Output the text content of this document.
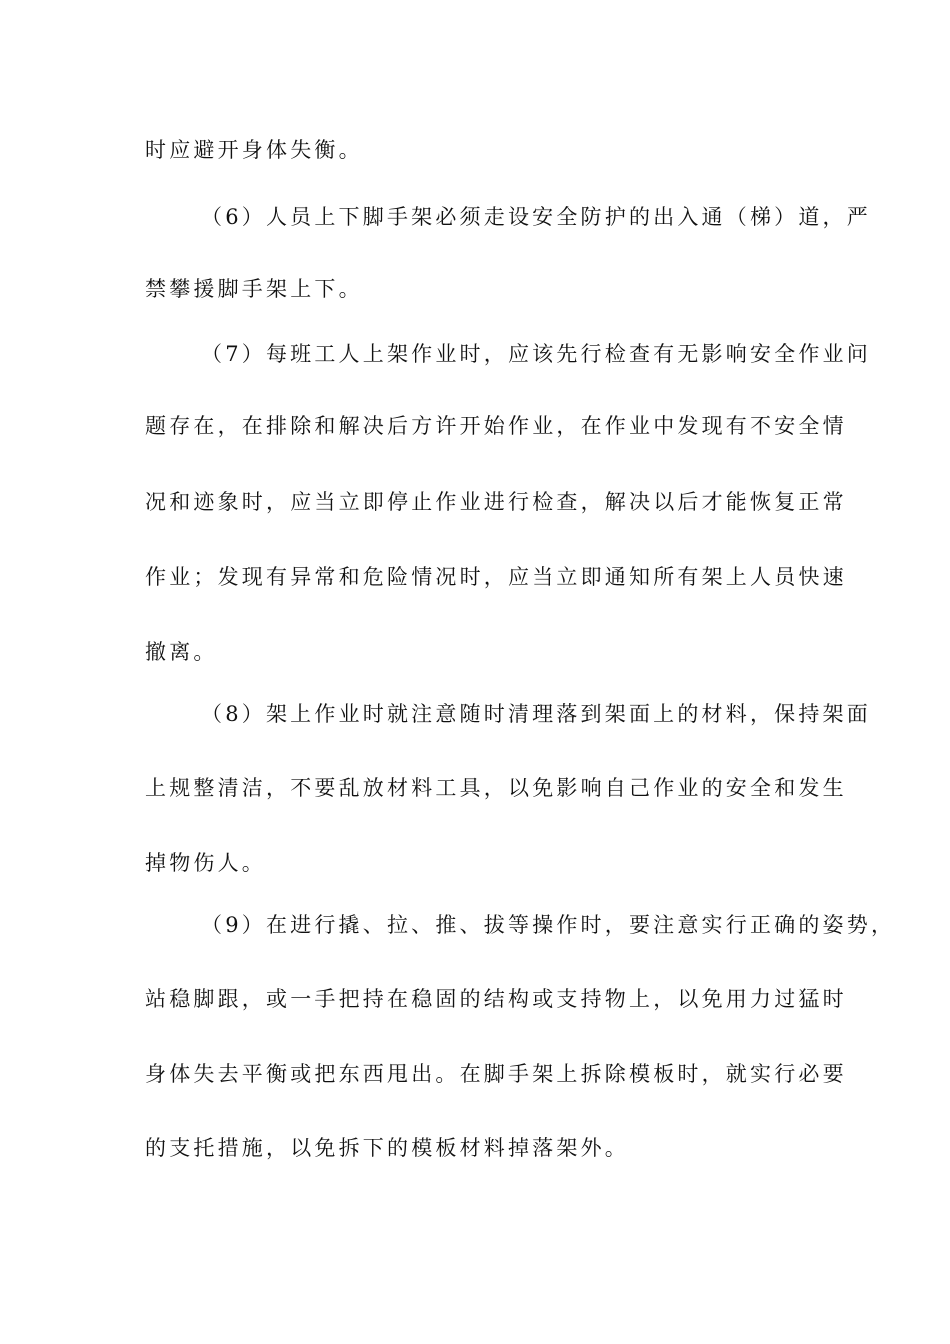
时应避开身体失衡。
（6）人员上下脚手架必须走设安全防护的出入通（梯）道，严
禁攀援脚手架上下。
（7）每班工人上架作业时，应该先行检查有无影响安全作业问
题存在，在排除和解决后方许开始作业，在作业中发现有不安全情
况和迹象时，应当立即停止作业进行检查，解决以后才能恢复正常
作业；发现有异常和危险情况时，应当立即通知所有架上人员快速
撤离。
（8）架上作业时就注意随时清理落到架面上的材料，保持架面
上规整清洁，不要乱放材料工具，以免影响自己作业的安全和发生
掉物伤人。
（9）在进行撬、拉、推、拔等操作时，要注意实行正确的姿势，
站稳脚跟，或一手把持在稳固的结构或支持物上，以免用力过猛时
身体失去平衡或把东西甩出。在脚手架上拆除模板时，就实行必要
的支托措施，以免拆下的模板材料掉落架外。
